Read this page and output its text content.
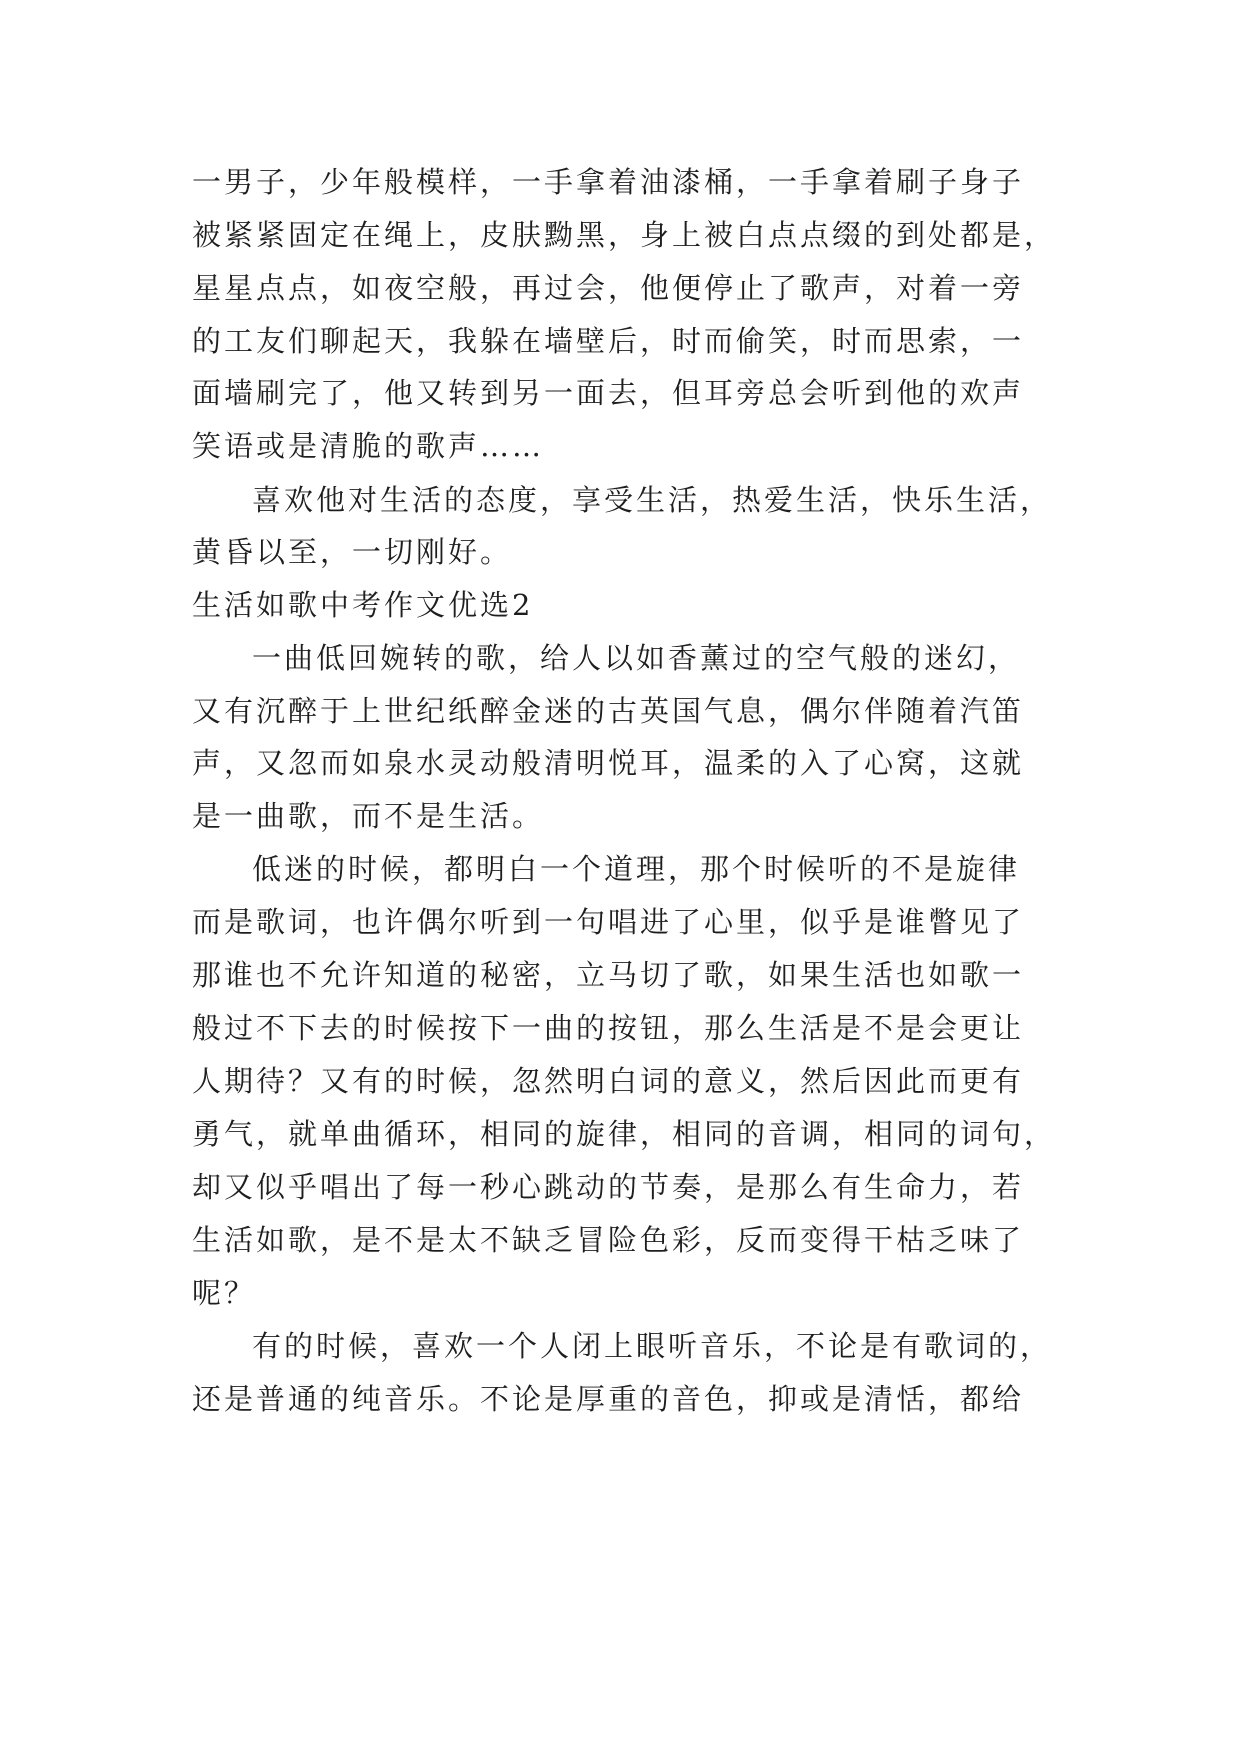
一男子，少年般模样，一手拿着油漆桶，一手拿着刷子身子
被紧紧固定在绳上，皮肤黝黑，身上被白点点缀的到处都是，
星星点点，如夜空般，再过会，他便停止了歌声，对着一旁
的工友们聊起天，我躲在墙壁后，时而偷笑，时而思索，一
面墙刷完了，他又转到另一面去，但耳旁总会听到他的欢声
笑语或是清脆的歌声……
喜欢他对生活的态度，享受生活，热爱生活，快乐生活，
黄昏以至，一切刚好。
生活如歌中考作文优选2
一曲低回婉转的歌，给人以如香薰过的空气般的迷幻，
又有沉醉于上世纪纸醉金迷的古英国气息，偶尔伴随着汽笛
声，又忽而如泉水灵动般清明悦耳，温柔的入了心窝，这就
是一曲歌，而不是生活。
低迷的时候，都明白一个道理，那个时候听的不是旋律
而是歌词，也许偶尔听到一句唱进了心里，似乎是谁瞥见了
那谁也不允许知道的秘密，立马切了歌，如果生活也如歌一
般过不下去的时候按下一曲的按钮，那么生活是不是会更让
人期待？又有的时候，忽然明白词的意义，然后因此而更有
勇气，就单曲循环，相同的旋律，相同的音调，相同的词句，
却又似乎唱出了每一秒心跳动的节奏，是那么有生命力，若
生活如歌，是不是太不缺乏冒险色彩，反而变得干枯乏味了
呢？
有的时候，喜欢一个人闭上眼听音乐，不论是有歌词的，
还是普通的纯音乐。不论是厚重的音色，抑或是清恬，都给
